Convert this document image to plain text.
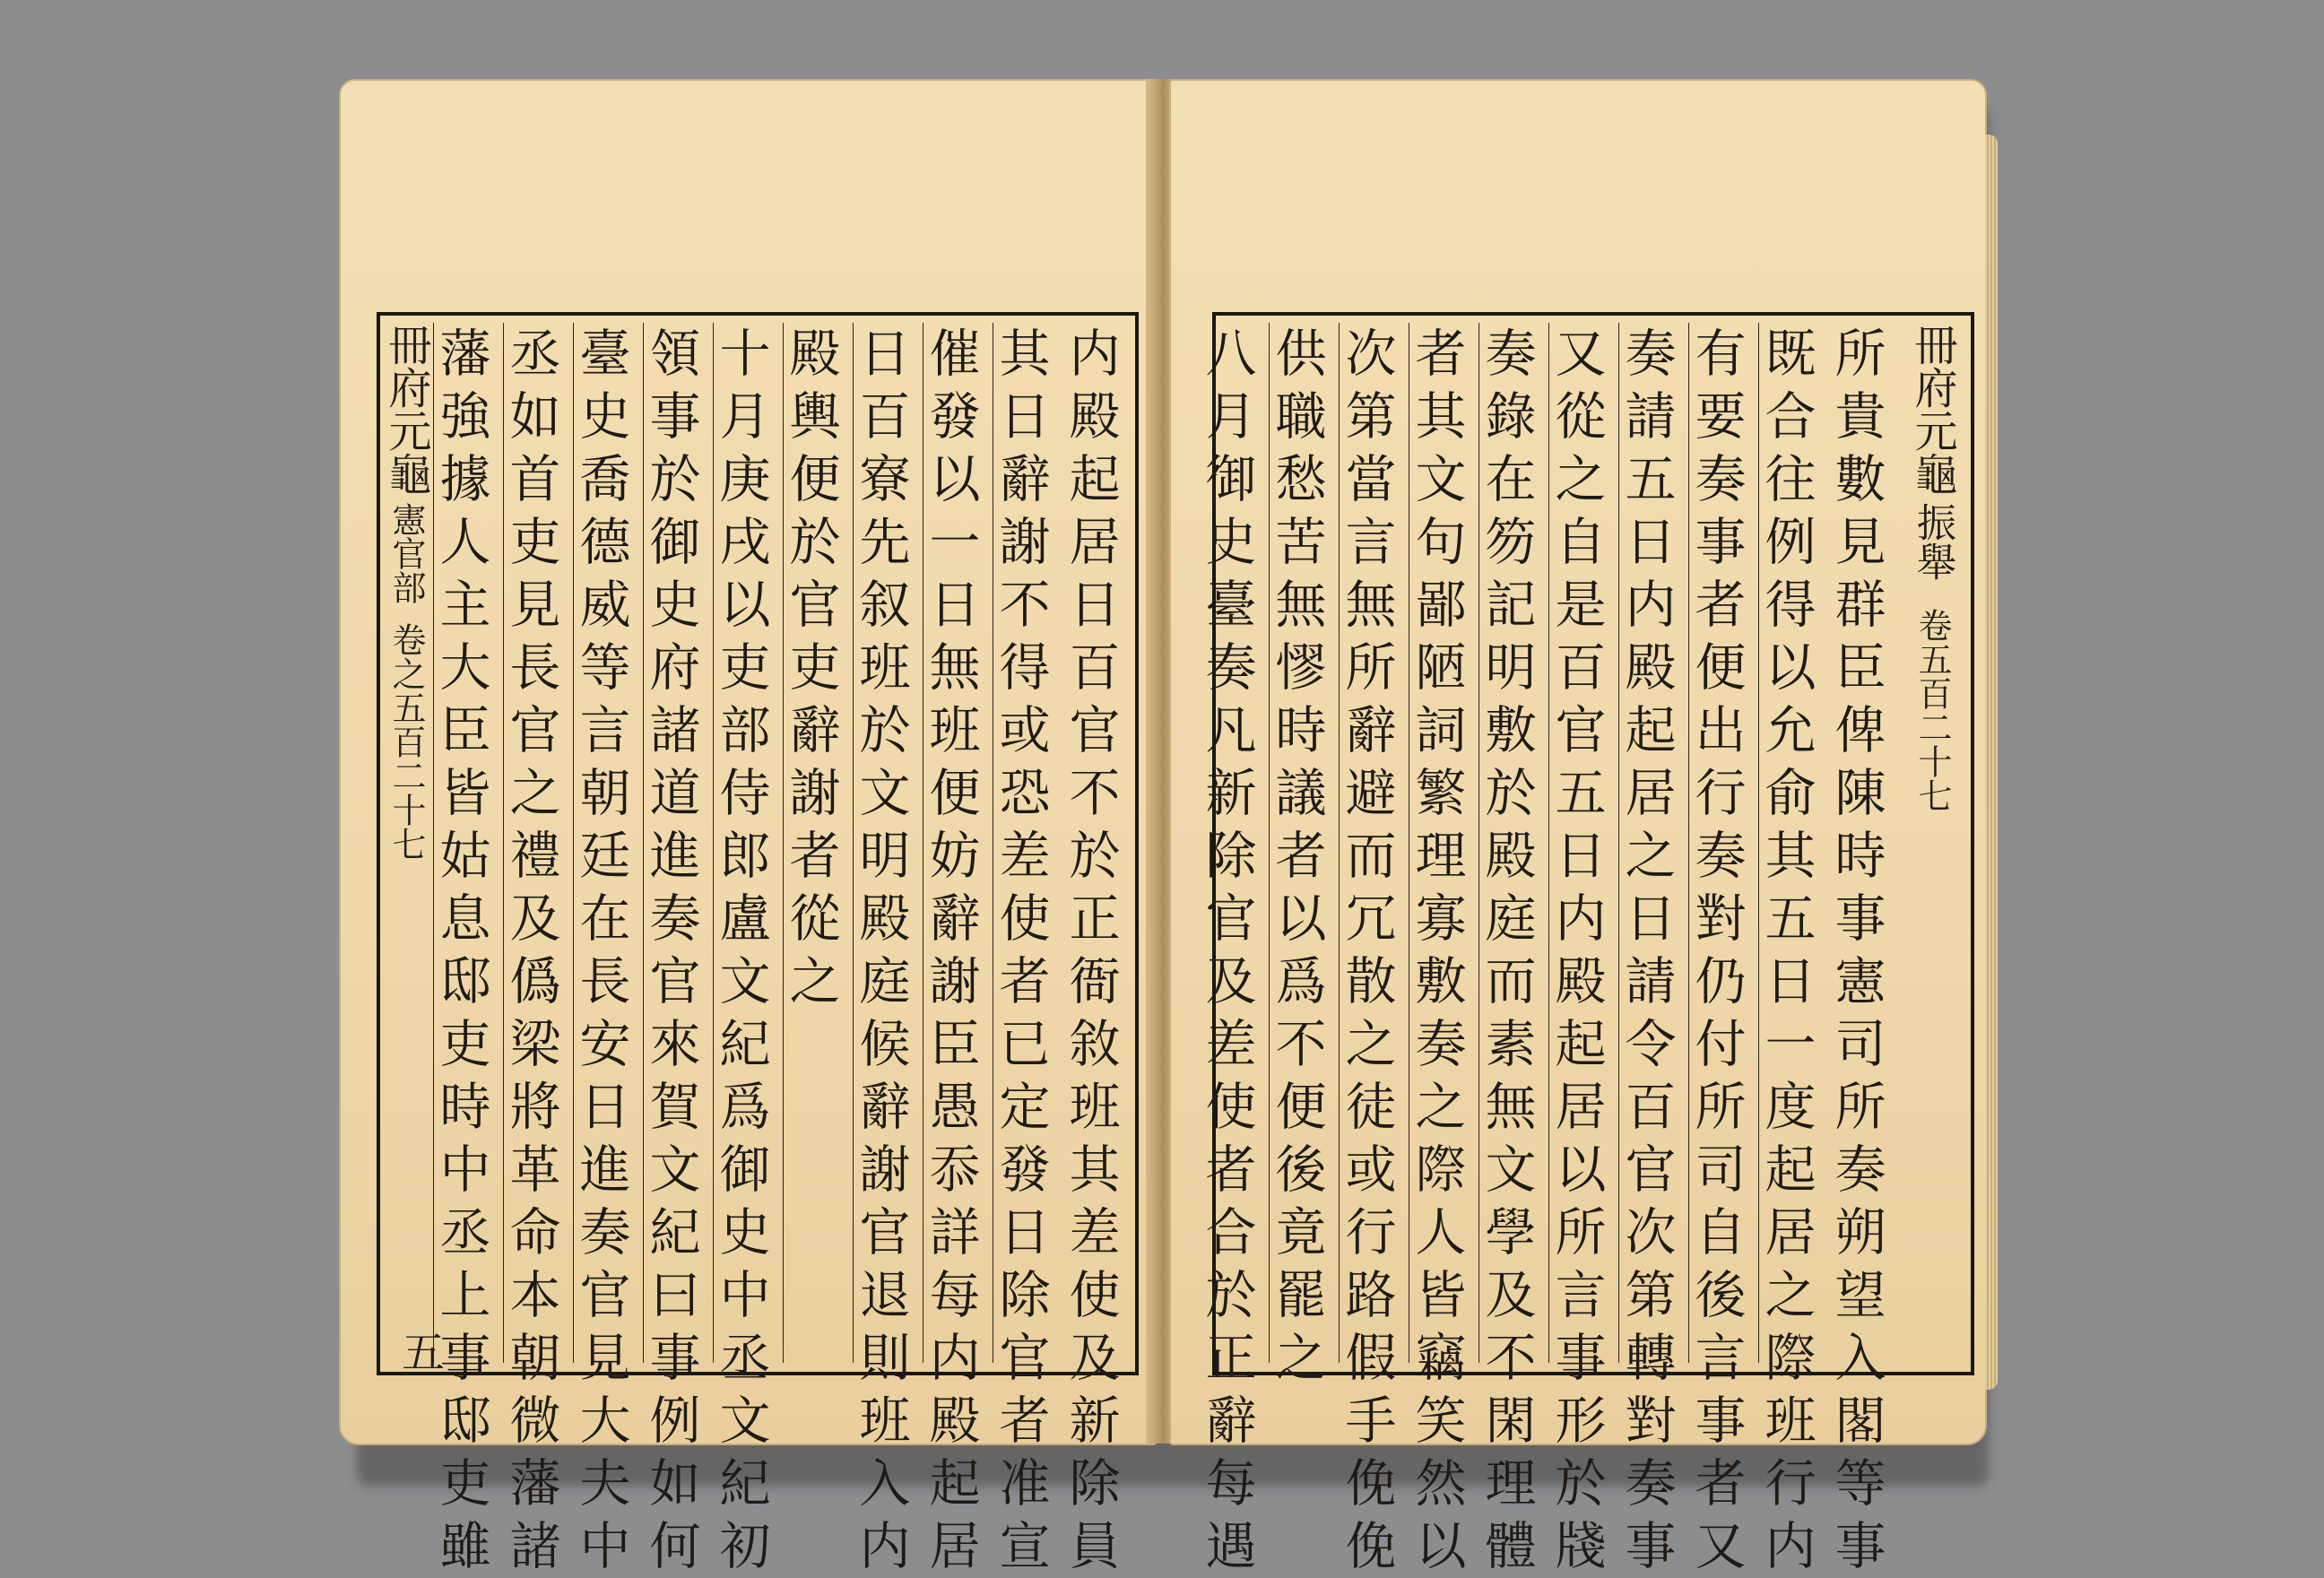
内
殿
起
居
日
百
官
不
於
正
衙
敘
班
其
差
使
及
新
除
員
其
日
辭
謝
不
得
或
恐
差
使
者
已
定
發
日
除
官
者
准
宣
催
發
以
一
日
無
班
便
妨
辭
謝
臣
愚
忝
詳
每
内
殿
起
居
日
百
寮
先
叙
班
於
文
明
殿
庭
候
辭
謝
官
退
則
班
入
内
殿
輿
便
於
官
吏
辭
謝
者
從
之
十
月
庚
戌
以
吏
部
侍
郎
盧
文
紀
爲
御
史
中
丞
文
紀
初
領
事
於
御
史
府
諸
道
進
奏
官
來
賀
文
紀
曰
事
例
如
何
臺
史
喬
德
威
等
言
朝
廷
在
長
安
日
進
奏
官
見
大
夫
中
丞
如
首
吏
見
長
官
之
禮
及
僞
梁
將
革
命
本
朝
微
藩
諸
藩
強
據
人
主
大
臣
皆
姑
息
邸
吏
時
中
丞
上
事
邸
吏
雖
冊府元龜
憲官部
卷之五百二十七
五
所
貴
數
見
群
臣
俾
陳
時
事
憲
司
所
奏
朔
望
入
閣
等
事
既
合
往
例
得
以
允
俞
其
五
日
一
度
起
居
之
際
班
行
内
有
要
奏
事
者
便
出
行
奏
對
仍
付
所
司
自
後
言
事
者
又
奏
請
五
日
内
殿
起
居
之
日
請
令
百
官
次
第
轉
對
奏
事
又
從
之
自
是
百
官
五
日
内
殿
起
居
以
所
言
事
形
於
牋
奏
錄
在
笏
記
明
敷
於
殿
庭
而
素
無
文
學
及
不
閑
理
體
者
其
文
句
鄙
陋
詞
繁
理
寡
敷
奏
之
際
人
皆
竊
笑
然
以
次
第
當
言
無
所
辭
避
而
冗
散
之
徒
或
行
路
假
手
俛
俛
供
職
愁
苦
無
憀
時
議
者
以
爲
不
便
後
竟
罷
之
八
月
御
史
臺
奏
凡
新
除
官
及
差
使
者
合
於
正
辭
每
遇
冊府元龜
振舉
卷五百二十七
